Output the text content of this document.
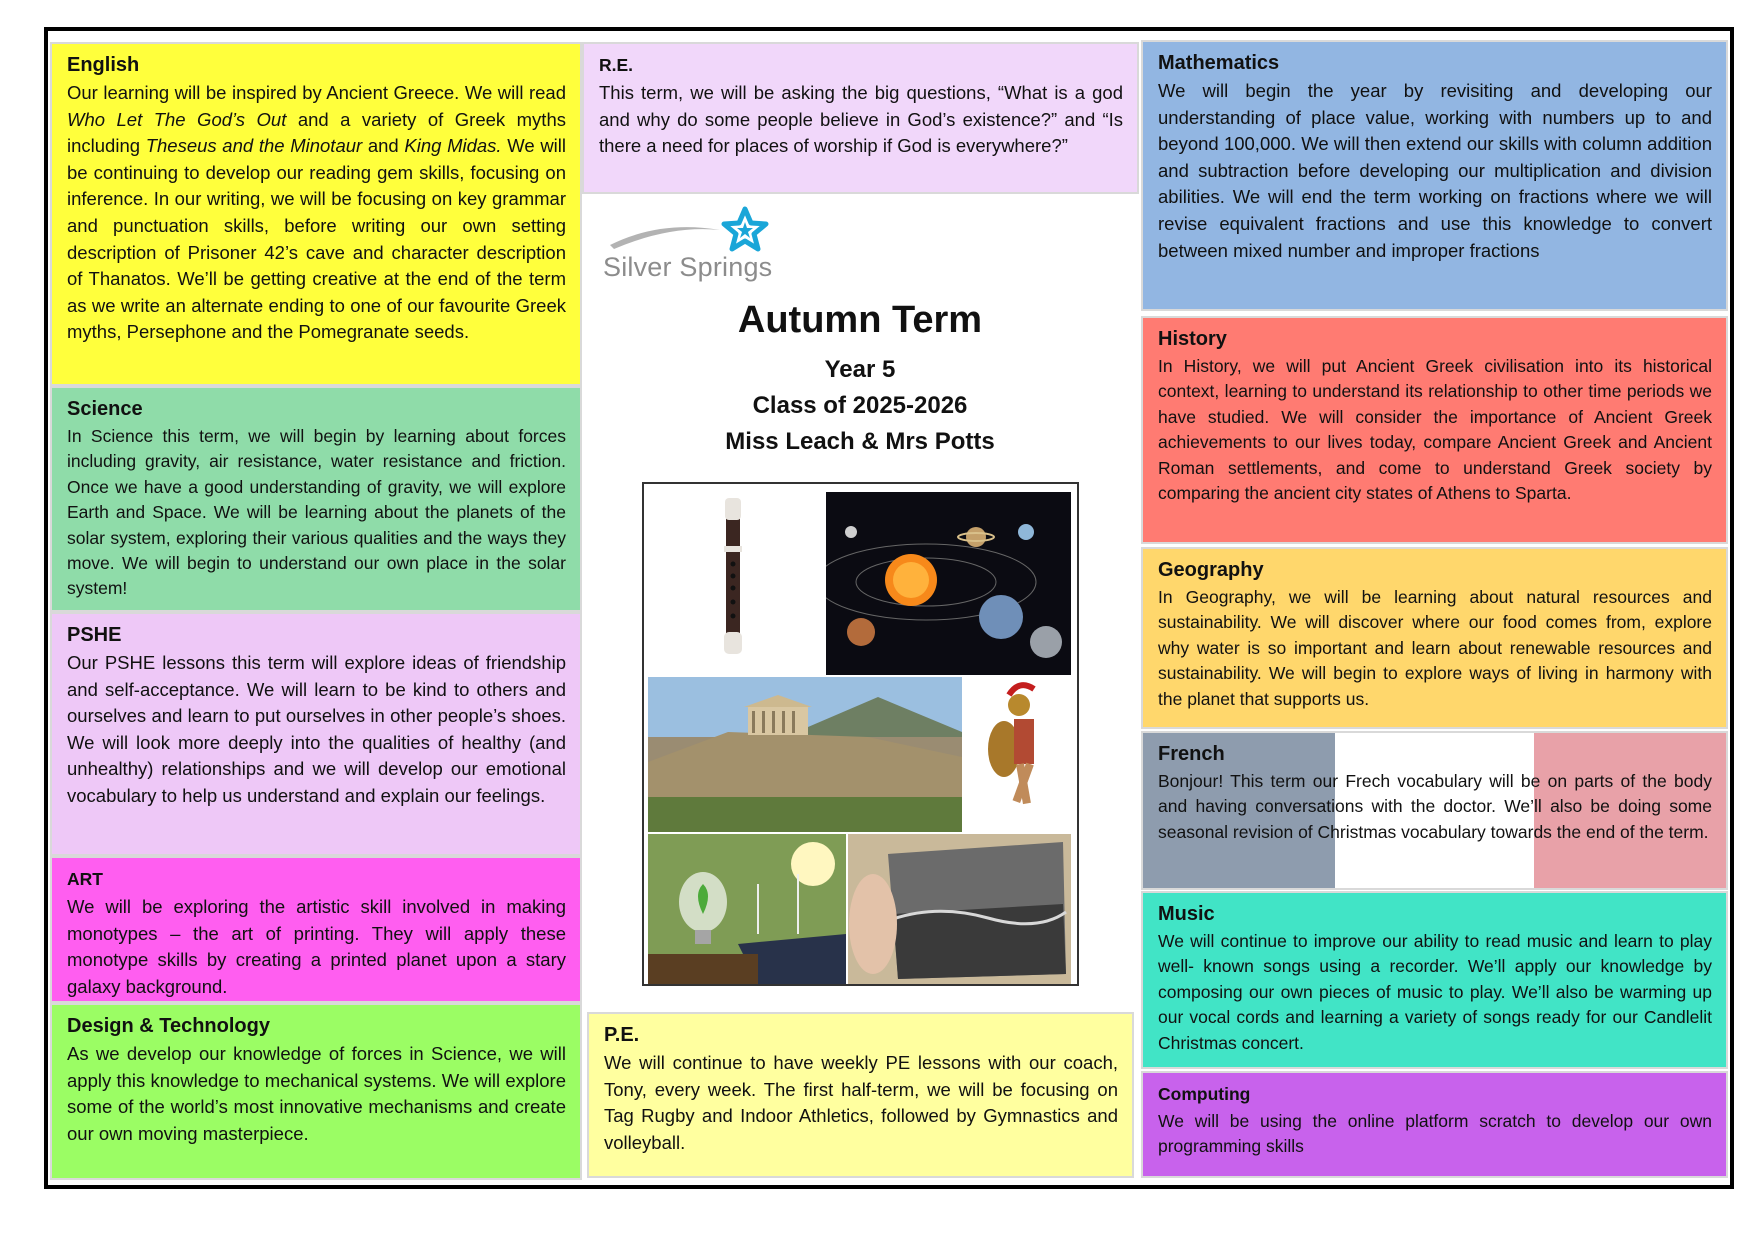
English

Our learning will be inspired by Ancient Greece. We will read Who Let The God’s Out and a variety of Greek myths including Theseus and the Minotaur and King Midas. We will be continuing to develop our reading gem skills, focusing on inference. In our writing, we will be focusing on key grammar and punctuation skills, before writing our own setting description of Prisoner 42’s cave and character description of Thanatos. We’ll be getting creative at the end of the term as we write an alternate ending to one of our favourite Greek myths, Persephone and the Pomegranate seeds.

Science

In Science this term, we will begin by learning about forces including gravity, air resistance, water resistance and friction. Once we have a good understanding of gravity, we will explore Earth and Space. We will be learning about the planets of the solar system, exploring their various qualities and the ways they move. We will begin to understand our own place in the solar system!

PSHE

Our PSHE lessons this term will explore ideas of friendship and self-acceptance. We will learn to be kind to others and ourselves and learn to put ourselves in other people’s shoes. We will look more deeply into the qualities of healthy (and unhealthy) relationships and we will develop our emotional vocabulary to help us understand and explain our feelings.

ART

We will be exploring the artistic skill involved in making monotypes – the art of printing. They will apply these monotype skills by creating a printed planet upon a stary galaxy background.

Design & Technology

As we develop our knowledge of forces in Science, we will apply this knowledge to mechanical systems. We will explore some of the world’s most innovative mechanisms and create our own moving masterpiece.

R.E.

This term, we will be asking the big questions, “What is a god and why do some people believe in God’s existence?” and “Is there a need for places of worship if God is everywhere?”

Silver Springs
Autumn Term
Year 5
Class of 2025-2026
Miss Leach & Mrs Potts
P.E.

We will continue to have weekly PE lessons with our coach, Tony, every week. The first half-term, we will be focusing on Tag Rugby and Indoor Athletics, followed by Gymnastics and volleyball.

Mathematics

We will begin the year by revisiting and developing our understanding of place value, working with numbers up to and beyond 100,000. We will then extend our skills with column addition and subtraction before developing our multiplication and division abilities. We will end the term working on fractions where we will revise equivalent fractions and use this knowledge to convert between mixed number and improper fractions

History

In History, we will put Ancient Greek civilisation into its historical context, learning to understand its relationship to other time periods we have studied. We will consider the importance of Ancient Greek achievements to our lives today, compare Ancient Greek and Ancient Roman settlements, and come to understand Greek society by comparing the ancient city states of Athens to Sparta.

Geography

In Geography, we will be learning about natural resources and sustainability. We will discover where our food comes from, explore why water is so important and learn about renewable resources and sustainability. We will begin to explore ways of living in harmony with the planet that supports us.

French

Bonjour! This term our Frech vocabulary will be on parts of the body and having conversations with the doctor. We’ll also be doing some seasonal revision of Christmas vocabulary towards the end of the term.

Music

We will continue to improve our ability to read music and learn to play well- known songs using a recorder. We’ll apply our knowledge by composing our own pieces of music to play. We’ll also be warming up our vocal cords and learning a variety of songs ready for our Candlelit Christmas concert.

Computing

We will be using the online platform scratch to develop our own programming skills
